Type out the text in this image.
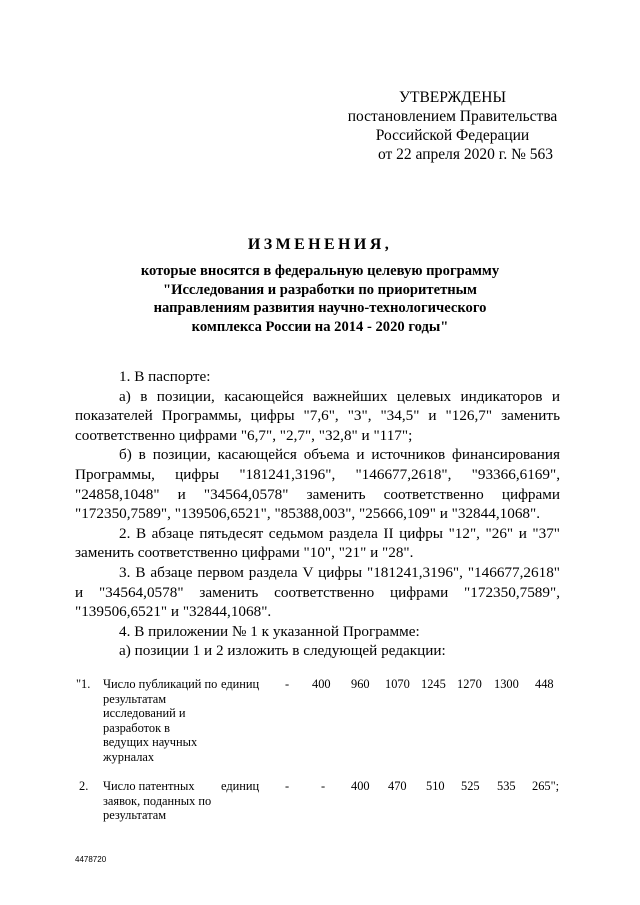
УТВЕРЖДЕНЫ
постановлением Правительства
Российской Федерации
от 22 апреля 2020 г. № 563
ИЗМЕНЕНИЯ,
которые вносятся в федеральную целевую программу
"Исследования и разработки по приоритетным
направлениям развития научно-технологического
комплекса России на 2014 - 2020 годы"

1. В паспорте:

а) в позиции, касающейся важнейших целевых индикаторов и показателей Программы, цифры "7,6", "3", "34,5" и "126,7" заменить соответственно цифрами "6,7", "2,7", "32,8" и "117";

б) в позиции, касающейся объема и источников финансирования Программы, цифры "181241,3196", "146677,2618", "93366,6169", "24858,1048" и "34564,0578" заменить соответственно цифрами "172350,7589", "139506,6521", "85388,003", "25666,109" и "32844,1068".

2. В абзаце пятьдесят седьмом раздела II цифры "12", "26" и "37" заменить соответственно цифрами "10", "21" и "28".

3. В абзаце первом раздела V цифры "181241,3196", "146677,2618" и "34564,0578" заменить соответственно цифрами "172350,7589", "139506,6521" и "32844,1068".

4. В приложении № 1 к указанной Программе:

а) позиции 1 и 2 изложить в следующей редакции:

"1. Число публикаций по результатам исследований и разработок в ведущих научных журналах
единиц - 400 960 1070 1245 1270 1300 448
2. Число патентных заявок, поданных по результатам
единиц -	- 400 470 510 525 535 265";
4478720
